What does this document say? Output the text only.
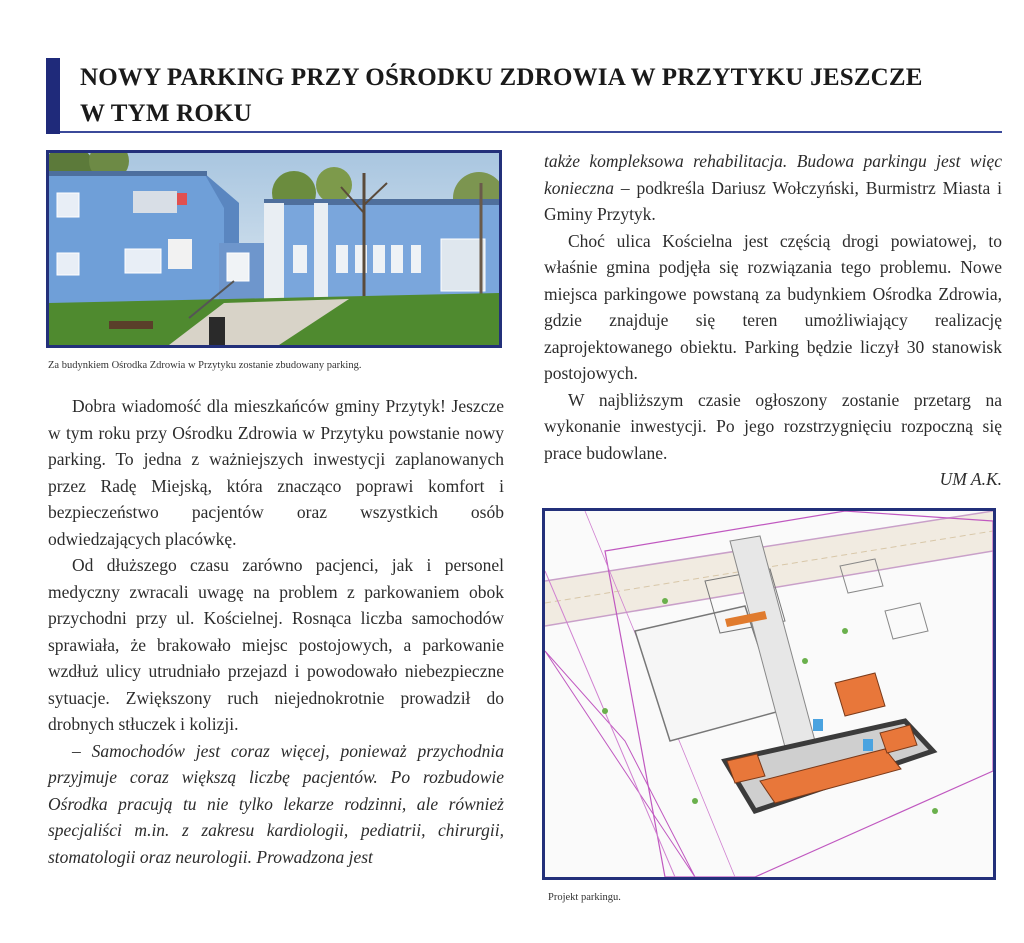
NOWY PARKING PRZY OŚRODKU ZDROWIA W PRZYTYKU JESZCZE
W TYM ROKU

Za budynkiem Ośrodka Zdrowia w Przytyku zostanie zbudowany parking.

Dobra wiadomość dla mieszkańców gminy Przytyk! Jeszcze w tym roku przy Ośrodku Zdrowia w Przytyku powstanie nowy parking. To jedna z ważniejszych inwestycji zaplanowanych przez Radę Miejską, która znacząco poprawi komfort i bezpieczeństwo pacjentów oraz wszystkich osób odwiedzających placówkę.

Od dłuższego czasu zarówno pacjenci, jak i personel medyczny zwracali uwagę na problem z parkowaniem obok przychodni przy ul. Kościelnej. Rosnąca liczba samochodów sprawiała, że brakowało miejsc postojowych, a parkowanie wzdłuż ulicy utrudniało przejazd i powodowało niebezpieczne sytuacje. Zwiększony ruch niejednokrotnie prowadził do drobnych stłuczek i kolizji.

– Samochodów jest coraz więcej, ponieważ przychodnia przyjmuje coraz większą liczbę pacjentów. Po rozbudowie Ośrodka pracują tu nie tylko lekarze rodzinni, ale również specjaliści m.in. z zakresu kardiologii, pediatrii, chirurgii, stomatologii oraz neurologii. Prowadzona jest

także kompleksowa rehabilitacja. Budowa parkingu jest więc konieczna – podkreśla Dariusz Wołczyński, Burmistrz Miasta i Gminy Przytyk.

Choć ulica Kościelna jest częścią drogi powiatowej, to właśnie gmina podjęła się rozwiązania tego problemu. Nowe miejsca parkingowe powstaną za budynkiem Ośrodka Zdrowia, gdzie znajduje się teren umożliwiający realizację zaprojektowanego obiektu. Parking będzie liczył 30 stanowisk postojowych.

W najbliższym czasie ogłoszony zostanie przetarg na wykonanie inwestycji. Po jego rozstrzygnięciu rozpoczną się prace budowlane.

UM A.K.

Projekt parkingu.
